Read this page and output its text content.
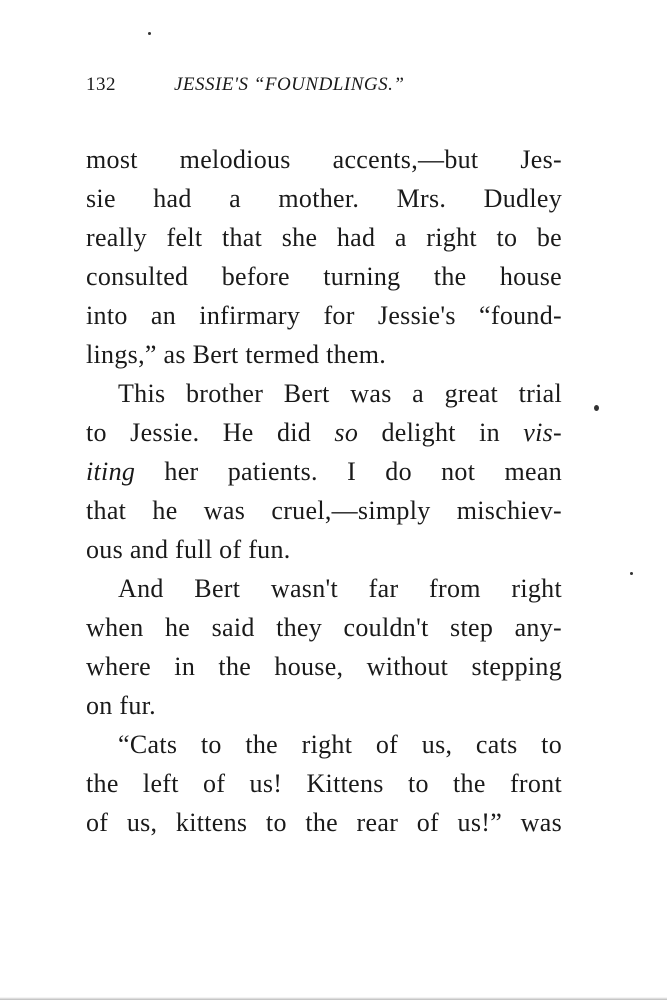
132	JESSIE'S “FOUNDLINGS.”
most melodious accents,—but Jes-
sie had a mother. Mrs. Dudley
really felt that she had a right to be
consulted before turning the house
into an infirmary for Jessie's “found-
lings,” as Bert termed them.
This brother Bert was a great trial
to Jessie. He did so delight in vis-
iting her patients. I do not mean
that he was cruel,—simply mischiev-
ous and full of fun.
And Bert wasn't far from right
when he said they couldn't step any-
where in the house, without stepping
on fur.
“Cats to the right of us, cats to
the left of us! Kittens to the front
of us, kittens to the rear of us!” was
